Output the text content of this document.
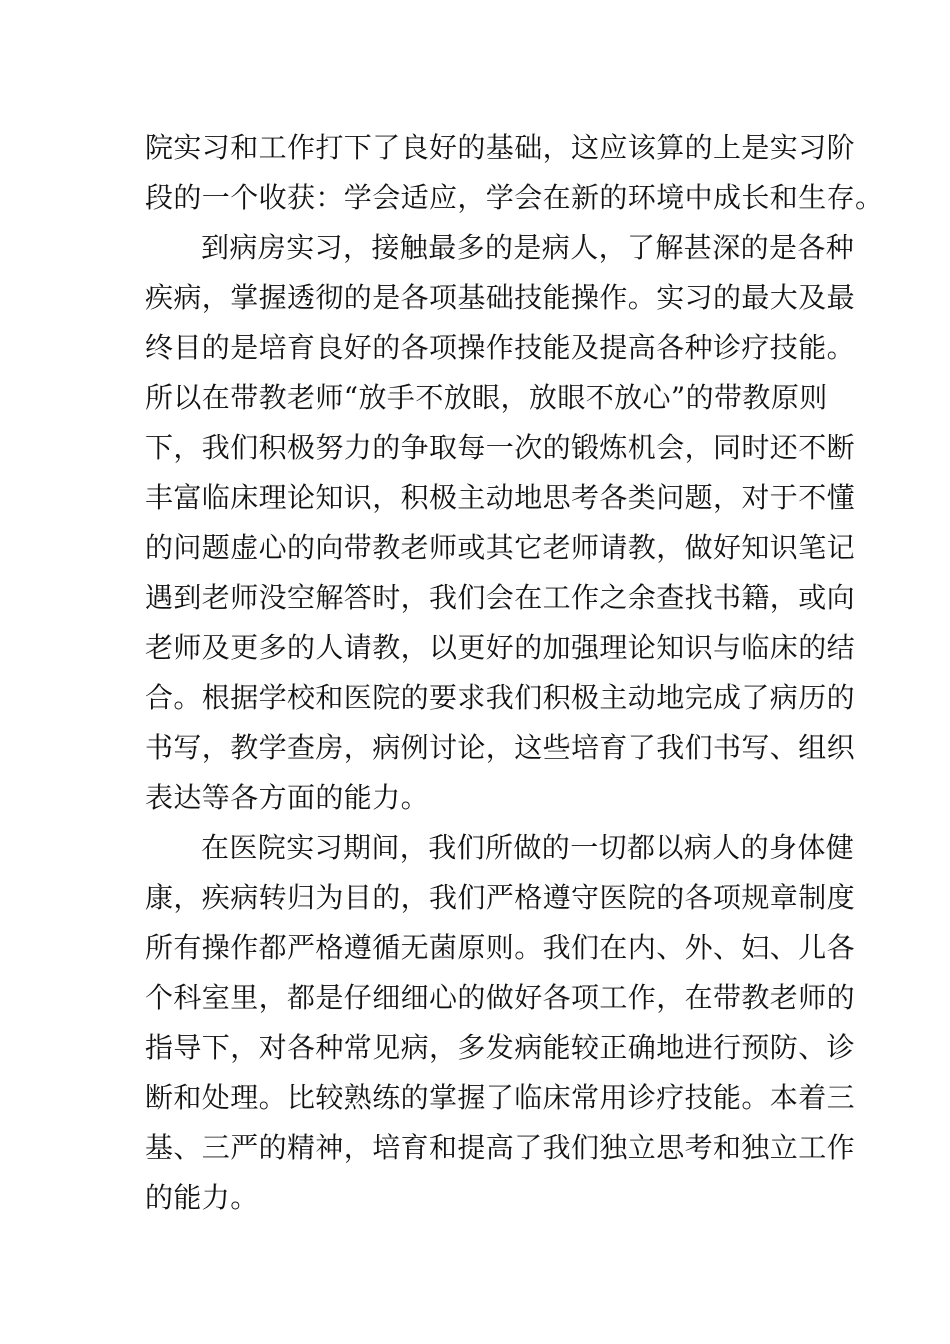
院实习和工作打下了良好的基础，这应该算的上是实习阶
段的一个收获：学会适应，学会在新的环境中成长和生存。
到病房实习，接触最多的是病人，了解甚深的是各种
疾病，掌握透彻的是各项基础技能操作。实习的最大及最
终目的是培育良好的各项操作技能及提高各种诊疗技能。
所以在带教老师“放手不放眼，放眼不放心”的带教原则
下，我们积极努力的争取每一次的锻炼机会，同时还不断
丰富临床理论知识，积极主动地思考各类问题，对于不懂
的问题虚心的向带教老师或其它老师请教，做好知识笔记
遇到老师没空解答时，我们会在工作之余查找书籍，或向
老师及更多的人请教，以更好的加强理论知识与临床的结
合。根据学校和医院的要求我们积极主动地完成了病历的
书写，教学查房，病例讨论，这些培育了我们书写、组织
表达等各方面的能力。
在医院实习期间，我们所做的一切都以病人的身体健
康，疾病转归为目的，我们严格遵守医院的各项规章制度
所有操作都严格遵循无菌原则。我们在内、外、妇、儿各
个科室里，都是仔细细心的做好各项工作，在带教老师的
指导下，对各种常见病，多发病能较正确地进行预防、诊
断和处理。比较熟练的掌握了临床常用诊疗技能。本着三
基、三严的精神，培育和提高了我们独立思考和独立工作
的能力。
